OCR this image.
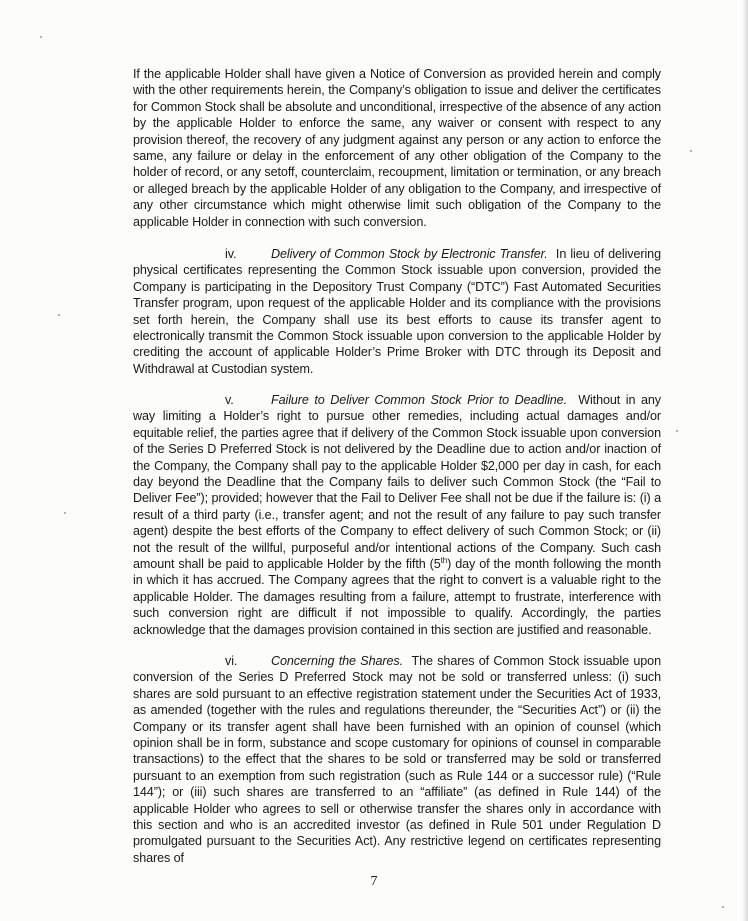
If the applicable Holder shall have given a Notice of Conversion as provided herein and comply with the other requirements herein, the Company’s obligation to issue and deliver the certificates for Common Stock shall be absolute and unconditional, irrespective of the absence of any action by the applicable Holder to enforce the same, any waiver or consent with respect to any provision thereof, the recovery of any judgment against any person or any action to enforce the same, any failure or delay in the enforcement of any other obligation of the Company to the holder of record, or any setoff, counterclaim, recoupment, limitation or termination, or any breach or alleged breach by the applicable Holder of any obligation to the Company, and irrespective of any other circumstance which might otherwise limit such obligation of the Company to the applicable Holder in connection with such conversion.

iv.	Delivery of Common Stock by Electronic Transfer. In lieu of delivering physical certificates representing the Common Stock issuable upon conversion, provided the Company is participating in the Depository Trust Company (“DTC”) Fast Automated Securities Transfer program, upon request of the applicable Holder and its compliance with the provisions set forth herein, the Company shall use its best efforts to cause its transfer agent to electronically transmit the Common Stock issuable upon conversion to the applicable Holder by crediting the account of applicable Holder’s Prime Broker with DTC through its Deposit and Withdrawal at Custodian system.

v.	Failure to Deliver Common Stock Prior to Deadline. Without in any way limiting a Holder’s right to pursue other remedies, including actual damages and/or equitable relief, the parties agree that if delivery of the Common Stock issuable upon conversion of the Series D Preferred Stock is not delivered by the Deadline due to action and/or inaction of the Company, the Company shall pay to the applicable Holder $2,000 per day in cash, for each day beyond the Deadline that the Company fails to deliver such Common Stock (the “Fail to Deliver Fee”); provided; however that the Fail to Deliver Fee shall not be due if the failure is: (i) a result of a third party (i.e., transfer agent; and not the result of any failure to pay such transfer agent) despite the best efforts of the Company to effect delivery of such Common Stock; or (ii) not the result of the willful, purposeful and/or intentional actions of the Company. Such cash amount shall be paid to applicable Holder by the fifth (5th) day of the month following the month in which it has accrued. The Company agrees that the right to convert is a valuable right to the applicable Holder. The damages resulting from a failure, attempt to frustrate, interference with such conversion right are difficult if not impossible to qualify. Accordingly, the parties acknowledge that the damages provision contained in this section are justified and reasonable.

vi.	Concerning the Shares. The shares of Common Stock issuable upon conversion of the Series D Preferred Stock may not be sold or transferred unless: (i) such shares are sold pursuant to an effective registration statement under the Securities Act of 1933, as amended (together with the rules and regulations thereunder, the “Securities Act”) or (ii) the Company or its transfer agent shall have been furnished with an opinion of counsel (which opinion shall be in form, substance and scope customary for opinions of counsel in comparable transactions) to the effect that the shares to be sold or transferred may be sold or transferred pursuant to an exemption from such registration (such as Rule 144 or a successor rule) (“Rule 144”); or (iii) such shares are transferred to an “affiliate” (as defined in Rule 144) of the applicable Holder who agrees to sell or otherwise transfer the shares only in accordance with this section and who is an accredited investor (as defined in Rule 501 under Regulation D promulgated pursuant to the Securities Act). Any restrictive legend on certificates representing shares of

7
